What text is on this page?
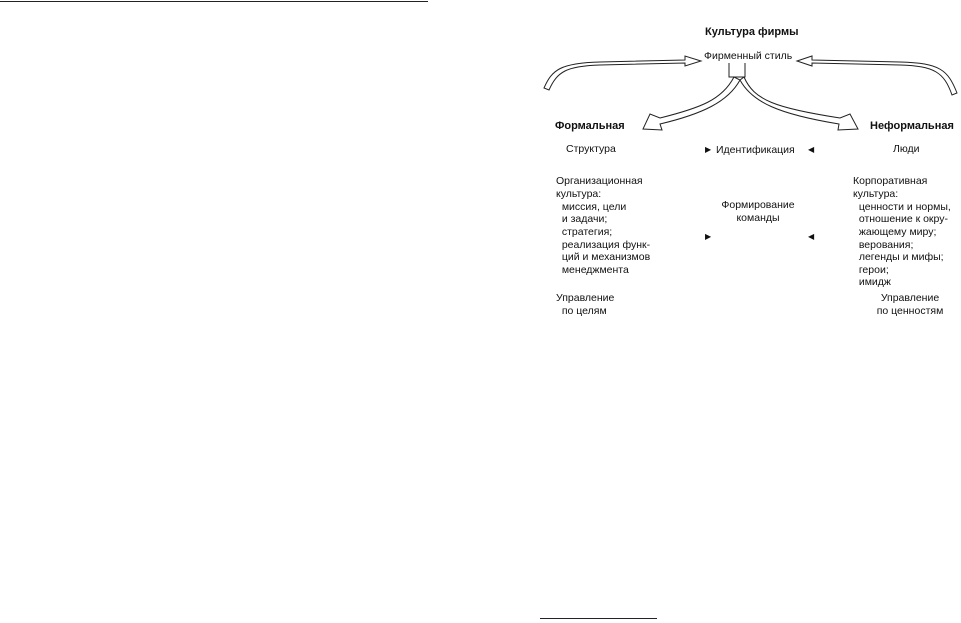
Культура фирмы
Фирменный стиль
Формальная
Структура
Организационная
культура:
миссия, цели
и задачи;
стратегия;
реализация функ-
ций и механизмов
менеджмента
Управление
по целям
▶ Идентификация ◀
▶
Формирование
команды
◀
Неформальная
Люди
Корпоративная
культура:
ценности и нормы,
отношение к окру-
жающему миру;
верования;
легенды и мифы;
герои;
имидж
Управление
по ценностям
